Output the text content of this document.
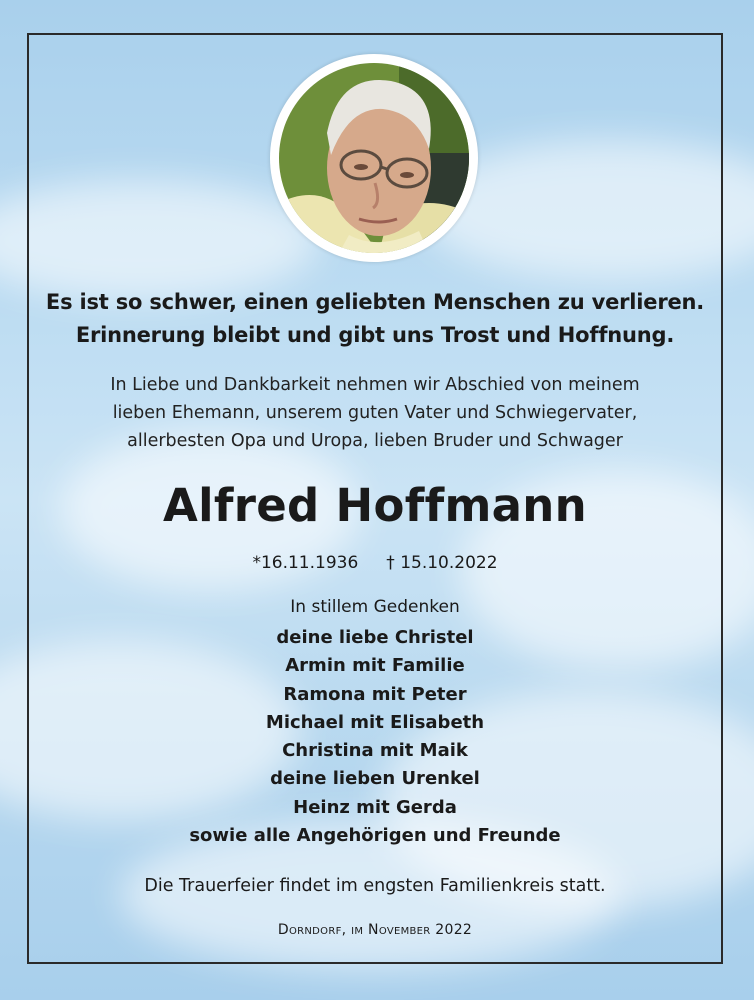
Es ist so schwer, einen geliebten Menschen zu verlieren.
Erinnerung bleibt und gibt uns Trost und Hoffnung.
In Liebe und Dankbarkeit nehmen wir Abschied von meinem
lieben Ehemann, unserem guten Vater und Schwiegervater,
allerbesten Opa und Uropa, lieben Bruder und Schwager
Alfred Hoffmann
*16.11.1936 † 15.10.2022
In stillem Gedenken
deine liebe Christel
Armin mit Familie
Ramona mit Peter
Michael mit Elisabeth
Christina mit Maik
deine lieben Urenkel
Heinz mit Gerda
sowie alle Angehörigen und Freunde
Die Trauerfeier findet im engsten Familienkreis statt.
Dorndorf, im November 2022
